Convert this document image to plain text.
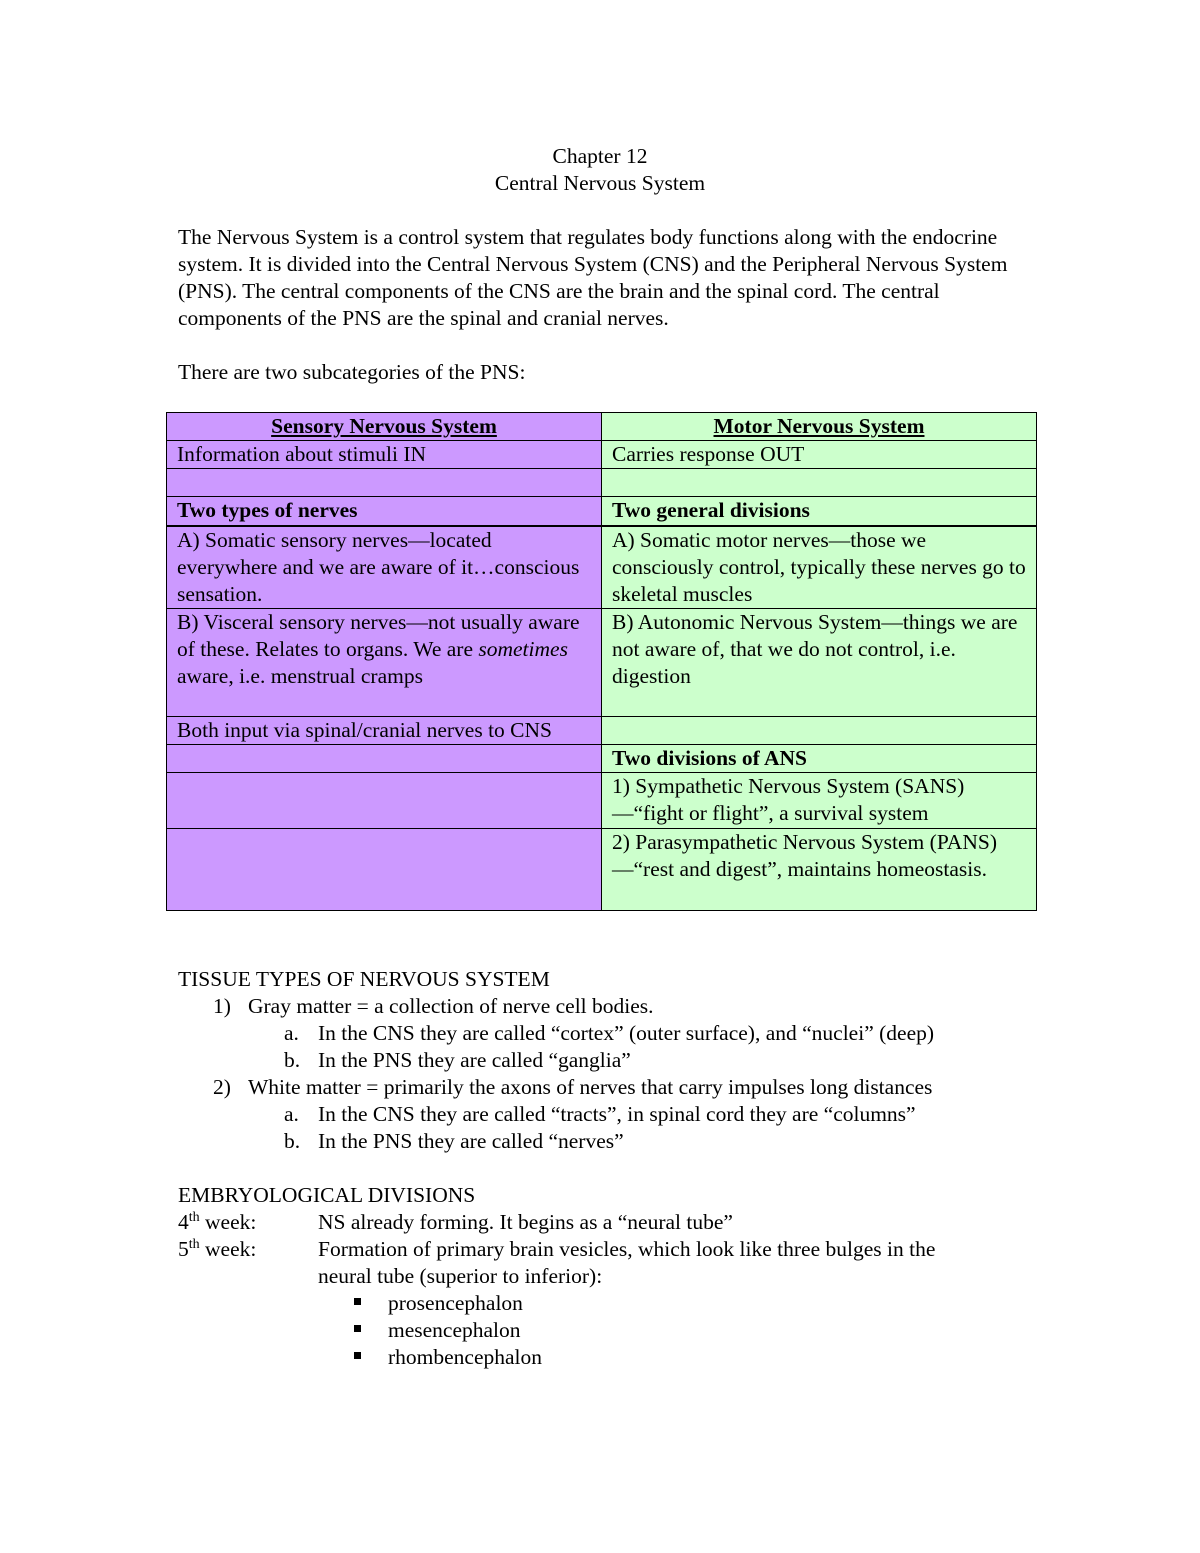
Chapter 12
Central Nervous System
The Nervous System is a control system that regulates body functions along with the endocrine system. It is divided into the Central Nervous System (CNS) and the Peripheral Nervous System (PNS). The central components of the CNS are the brain and the spinal cord. The central components of the PNS are the spinal and cranial nerves.
There are two subcategories of the PNS:
Sensory Nervous System	Motor Nervous System
Information about stimuli IN	Carries response OUT

Two types of nerves	Two general divisions
A) Somatic sensory nerves—located everywhere and we are aware of it…conscious sensation.	A) Somatic motor nerves—those we consciously control, typically these nerves go to skeletal muscles
B) Visceral sensory nerves—not usually aware of these. Relates to organs. We are sometimes aware, i.e. menstrual cramps	B) Autonomic Nervous System—things we are not aware of, that we do not control, i.e. digestion
Both input via spinal/cranial nerves to CNS	
	Two divisions of ANS
	1) Sympathetic Nervous System (SANS)—“fight or flight”, a survival system
	2) Parasympathetic Nervous System (PANS)—“rest and digest”, maintains homeostasis.
TISSUE TYPES OF NERVOUS SYSTEM
1) Gray matter = a collection of nerve cell bodies.
a. In the CNS they are called “cortex” (outer surface), and “nuclei” (deep)
b. In the PNS they are called “ganglia”
2) White matter = primarily the axons of nerves that carry impulses long distances
a. In the CNS they are called “tracts”, in spinal cord they are “columns”
b. In the PNS they are called “nerves”
EMBRYOLOGICAL DIVISIONS
4th week:	NS already forming. It begins as a “neural tube”
5th week:	Formation of primary brain vesicles, which look like three bulges in the
neural tube (superior to inferior):
prosencephalon
mesencephalon
rhombencephalon
